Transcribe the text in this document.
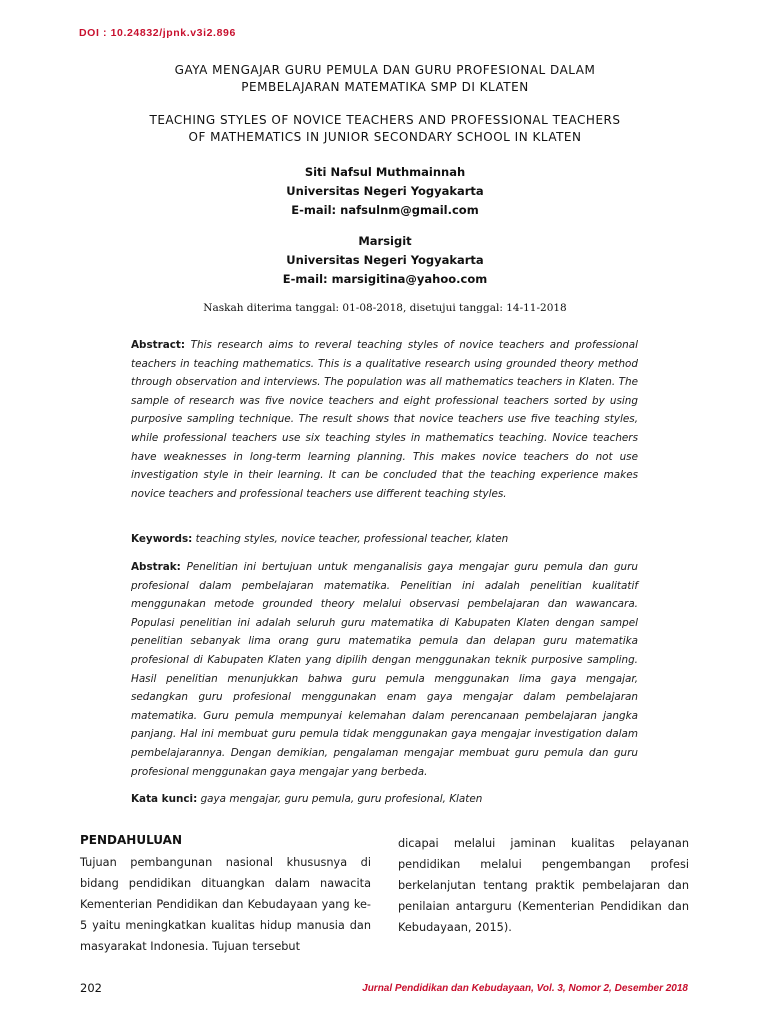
DOI : 10.24832/jpnk.v3i2.896
GAYA MENGAJAR GURU PEMULA DAN GURU PROFESIONAL DALAM
PEMBELAJARAN MATEMATIKA SMP DI KLATEN
TEACHING STYLES OF NOVICE TEACHERS AND PROFESSIONAL TEACHERS
OF MATHEMATICS IN JUNIOR SECONDARY SCHOOL IN KLATEN
Siti Nafsul Muthmainnah
Universitas Negeri Yogyakarta
E-mail: nafsulnm@gmail.com
Marsigit
Universitas Negeri Yogyakarta
E-mail: marsigitina@yahoo.com
Naskah diterima tanggal: 01-08-2018, disetujui tanggal: 14-11-2018
Abstract: This research aims to reveral teaching styles of novice teachers and professional teachers in teaching mathematics. This is a qualitative research using grounded theory method through observation and interviews. The population was all mathematics teachers in Klaten. The sample of research was five novice teachers and eight professional teachers sorted by using purposive sampling technique. The result shows that novice teachers use five teaching styles, while professional teachers use six teaching styles in mathematics teaching. Novice teachers have weaknesses in long-term learning planning. This makes novice teachers do not use investigation style in their learning. It can be concluded that the teaching experience makes novice teachers and professional teachers use different teaching styles.
Keywords: teaching styles, novice teacher, professional teacher, klaten
Abstrak: Penelitian ini bertujuan untuk menganalisis gaya mengajar guru pemula dan guru profesional dalam pembelajaran matematika. Penelitian ini adalah penelitian kualitatif menggunakan metode grounded theory melalui observasi pembelajaran dan wawancara. Populasi penelitian ini adalah seluruh guru matematika di Kabupaten Klaten dengan sampel penelitian sebanyak lima orang guru matematika pemula dan delapan guru matematika profesional di Kabupaten Klaten yang dipilih dengan menggunakan teknik purposive sampling. Hasil penelitian menunjukkan bahwa guru pemula menggunakan lima gaya mengajar, sedangkan guru profesional menggunakan enam gaya mengajar dalam pembelajaran matematika. Guru pemula mempunyai kelemahan dalam perencanaan pembelajaran jangka panjang. Hal ini membuat guru pemula tidak menggunakan gaya mengajar investigation dalam pembelajarannya. Dengan demikian, pengalaman mengajar membuat guru pemula dan guru profesional menggunakan gaya mengajar yang berbeda.
Kata kunci: gaya mengajar, guru pemula, guru profesional, Klaten
PENDAHULUAN
Tujuan pembangunan nasional khususnya di bidang pendidikan dituangkan dalam nawacita Kementerian Pendidikan dan Kebudayaan yang ke-5 yaitu meningkatkan kualitas hidup manusia dan masyarakat Indonesia. Tujuan tersebut
dicapai melalui jaminan kualitas pelayanan pendidikan melalui pengembangan profesi berkelanjutan tentang praktik pembelajaran dan penilaian antarguru (Kementerian Pendidikan dan Kebudayaan, 2015).
202	Jurnal Pendidikan dan Kebudayaan, Vol. 3, Nomor 2, Desember 2018
